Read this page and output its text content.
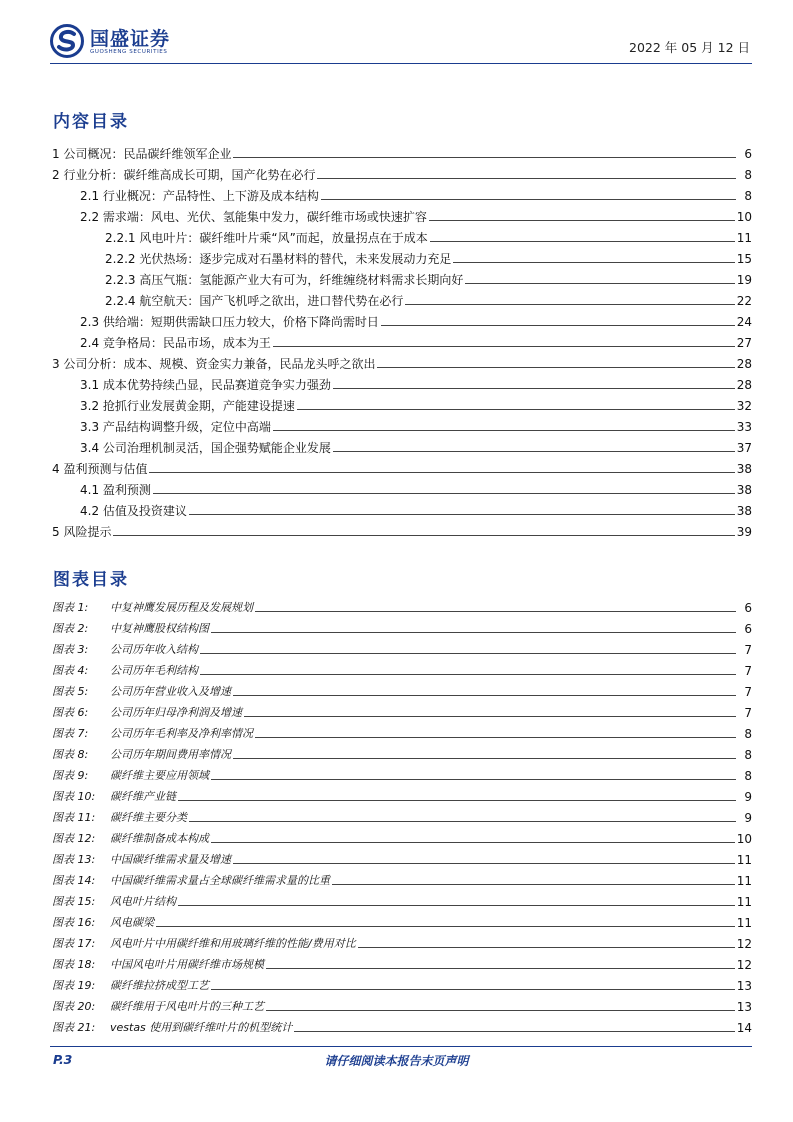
国盛证券
GUOSHENG SECURITIES	2022 年 05 月 12 日
内容目录
1 公司概况：民品碳纤维领军企业	6
2 行业分析：碳纤维高成长可期，国产化势在必行	8
2.1 行业概况：产品特性、上下游及成本结构	8
2.2 需求端：风电、光伏、氢能集中发力，碳纤维市场或快速扩容	10
2.2.1 风电叶片：碳纤维叶片乘“风”而起，放量拐点在于成本	11
2.2.2 光伏热场：逐步完成对石墨材料的替代，未来发展动力充足	15
2.2.3 高压气瓶：氢能源产业大有可为，纤维缠绕材料需求长期向好	19
2.2.4 航空航天：国产飞机呼之欲出，进口替代势在必行	22
2.3 供给端：短期供需缺口压力较大，价格下降尚需时日	24
2.4 竞争格局：民品市场，成本为王	27
3 公司分析：成本、规模、资金实力兼备，民品龙头呼之欲出	28
3.1 成本优势持续凸显，民品赛道竞争实力强劲	28
3.2 抢抓行业发展黄金期，产能建设提速	32
3.3 产品结构调整升级，定位中高端	33
3.4 公司治理机制灵活，国企强势赋能企业发展	37
4 盈利预测与估值	38
4.1 盈利预测	38
4.2 估值及投资建议	38
5 风险提示	39
图表目录
图表 1:	中复神鹰发展历程及发展规划	6
图表 2:	中复神鹰股权结构图	6
图表 3:	公司历年收入结构	7
图表 4:	公司历年毛利结构	7
图表 5:	公司历年营业收入及增速	7
图表 6:	公司历年归母净利润及增速	7
图表 7:	公司历年毛利率及净利率情况	8
图表 8:	公司历年期间费用率情况	8
图表 9:	碳纤维主要应用领域	8
图表 10:	碳纤维产业链	9
图表 11:	碳纤维主要分类	9
图表 12:	碳纤维制备成本构成	10
图表 13:	中国碳纤维需求量及增速	11
图表 14:	中国碳纤维需求量占全球碳纤维需求量的比重	11
图表 15:	风电叶片结构	11
图表 16:	风电碳梁	11
图表 17:	风电叶片中用碳纤维和用玻璃纤维的性能/费用对比	12
图表 18:	中国风电叶片用碳纤维市场规模	12
图表 19:	碳纤维拉挤成型工艺	13
图表 20:	碳纤维用于风电叶片的三种工艺	13
图表 21:	vestas 使用到碳纤维叶片的机型统计	14
请仔细阅读本报告末页声明
P.3
